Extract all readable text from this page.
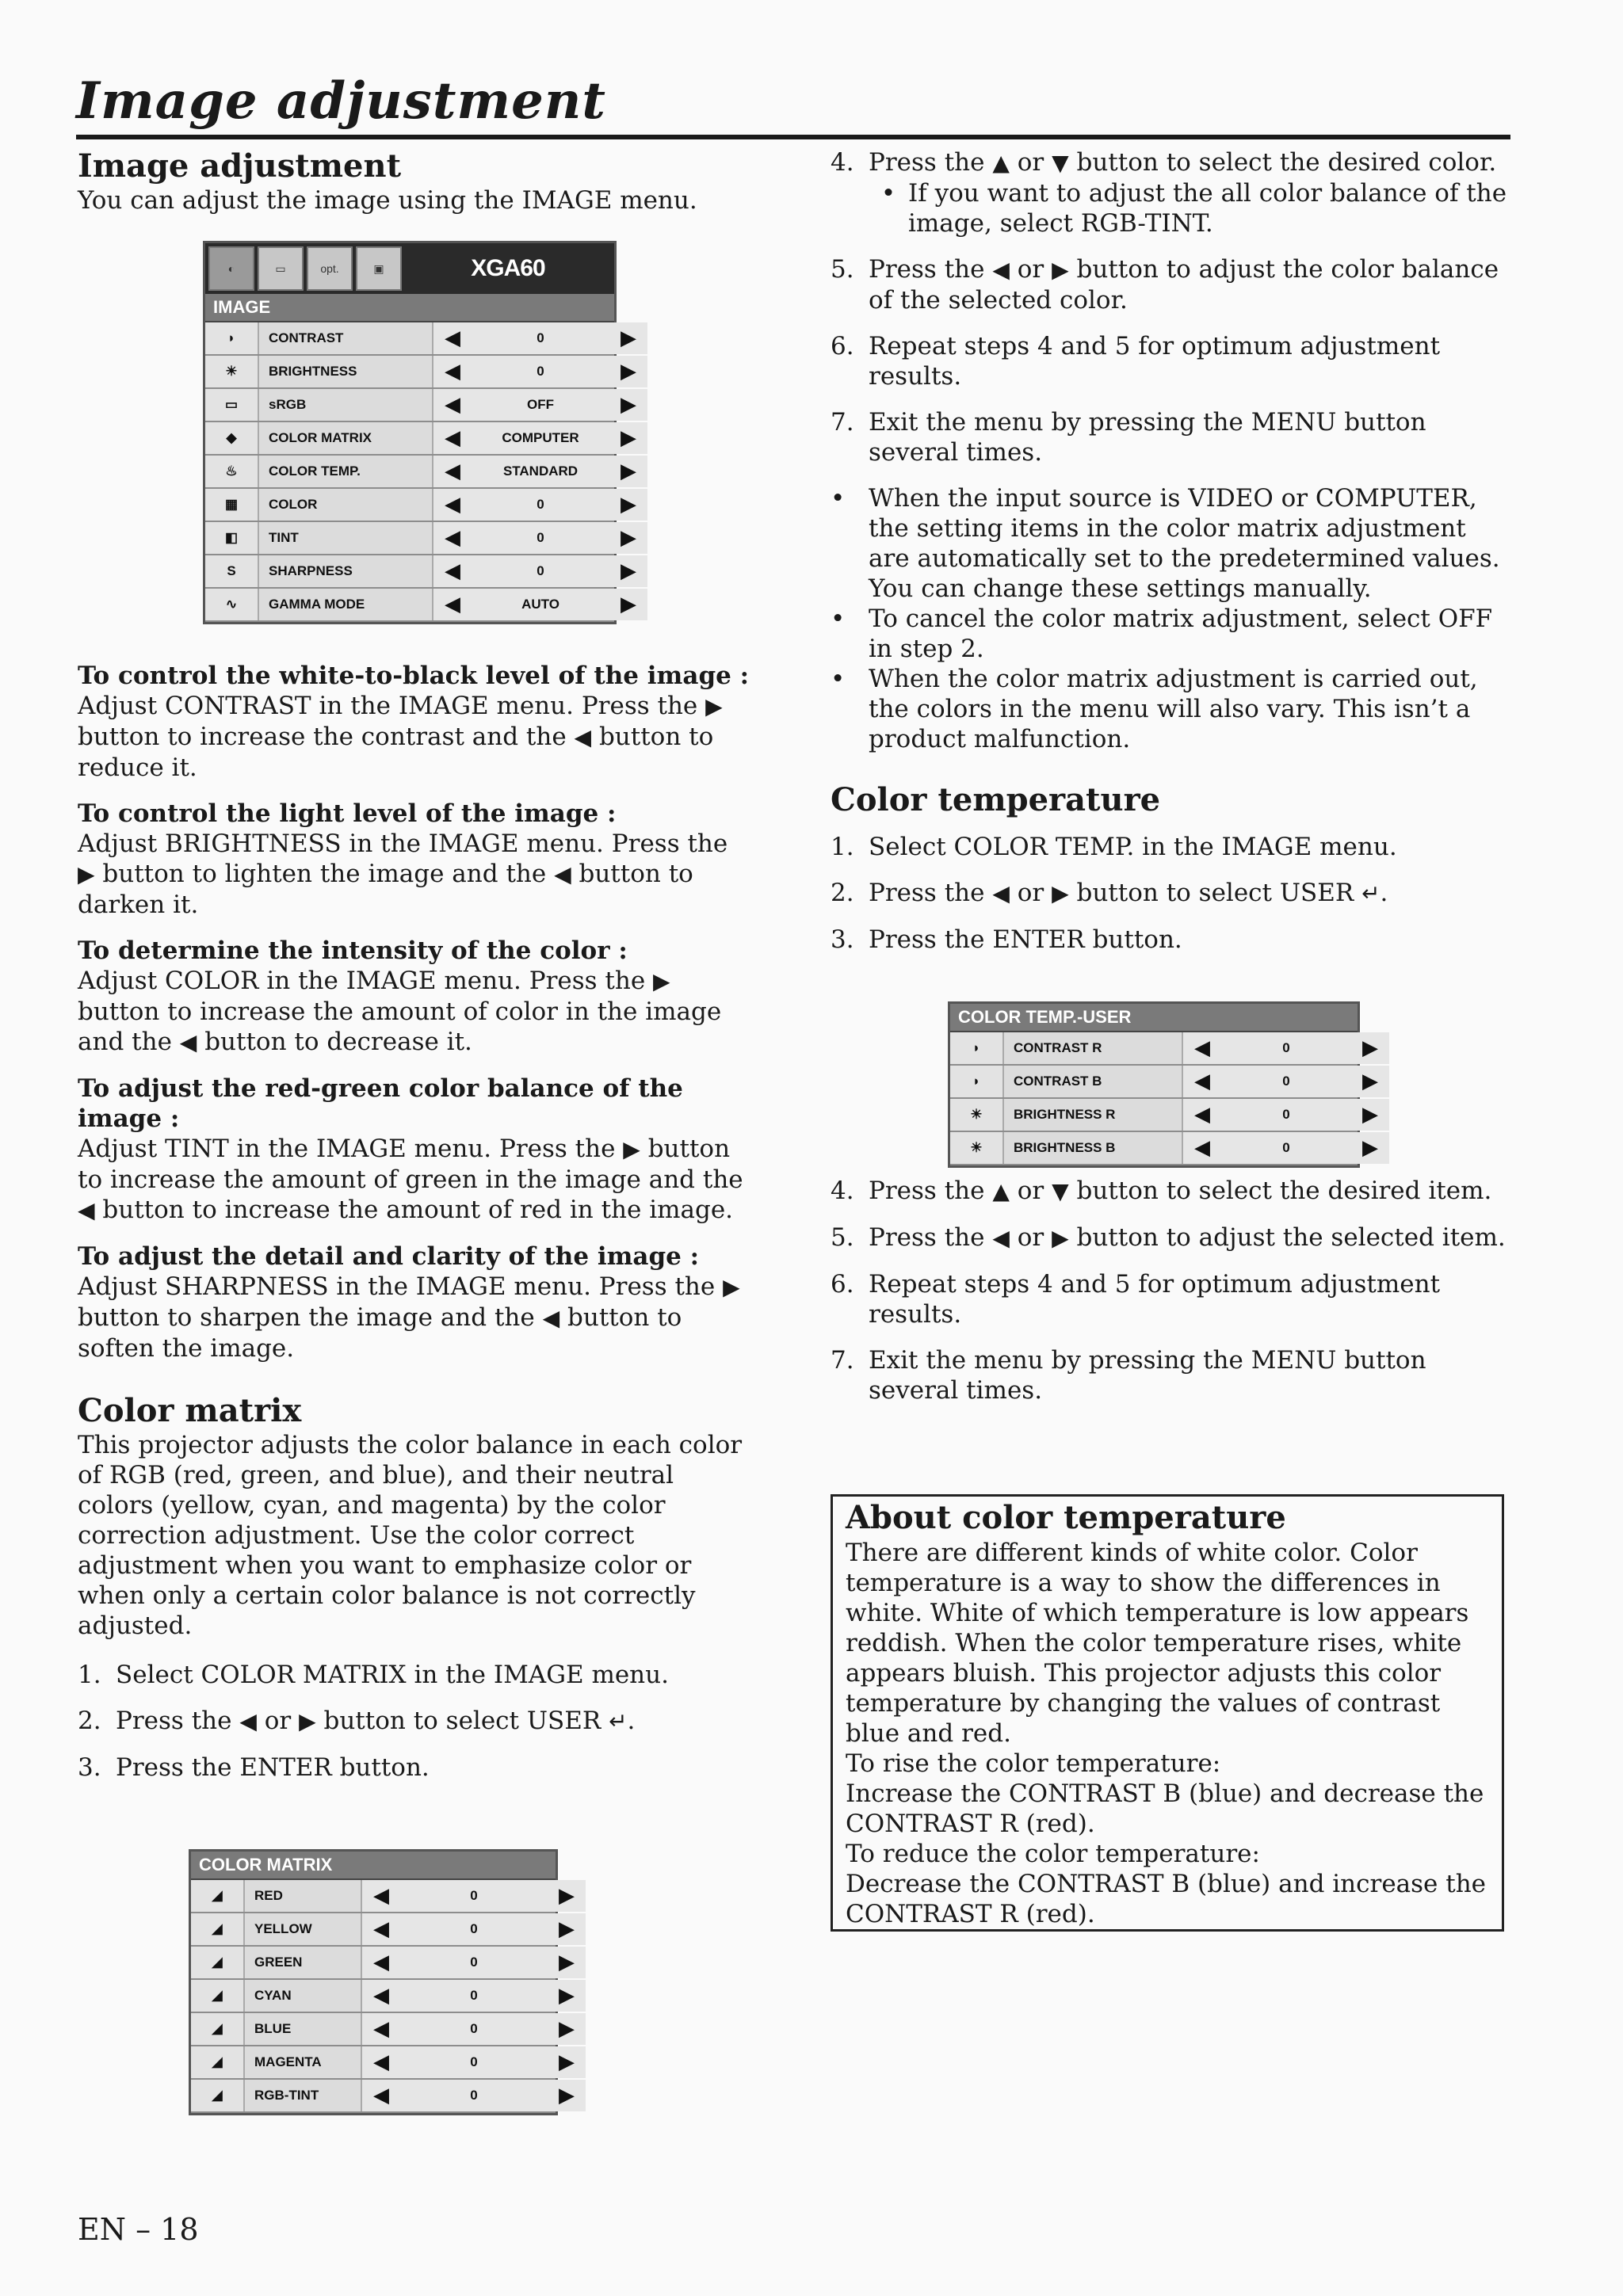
Image adjustment
Image adjustment

You can adjust the image using the IMAGE menu.

◐	▭	opt.	▣	XGA60
IMAGE
◗	CONTRAST	◀	0	▶
☀	BRIGHTNESS	◀	0	▶
▭	sRGB	◀	OFF	▶
◆	COLOR MATRIX	◀	COMPUTER	▶
♨	COLOR TEMP.	◀	STANDARD	▶
▦	COLOR	◀	0	▶
◧	TINT	◀	0	▶
S	SHARPNESS	◀	0	▶
∿	GAMMA MODE	◀	AUTO	▶

To control the white-to-black level of the image :
Adjust CONTRAST in the IMAGE menu. Press the ▶ button to increase the contrast and the ◀ button to reduce it.

To control the light level of the image :
Adjust BRIGHTNESS in the IMAGE menu. Press the ▶ button to lighten the image and the ◀ button to darken it.

To determine the intensity of the color :
Adjust COLOR in the IMAGE menu. Press the ▶ button to increase the amount of color in the image and the ◀ button to decrease it.

To adjust the red-green color balance of the image :
Adjust TINT in the IMAGE menu. Press the ▶ button to increase the amount of green in the image and the ◀ button to increase the amount of red in the image.

To adjust the detail and clarity of the image :
Adjust SHARPNESS in the IMAGE menu. Press the ▶ button to sharpen the image and the ◀ button to soften the image.

Color matrix

This projector adjusts the color balance in each color of RGB (red, green, and blue), and their neutral colors (yellow, cyan, and magenta) by the color correction adjustment. Use the color correct adjustment when you want to emphasize color or when only a certain color balance is not correctly adjusted.

1. Select COLOR MATRIX in the IMAGE menu.
2. Press the ◀ or ▶ button to select USER ↵.
3. Press the ENTER button.
COLOR MATRIX
◢	RED	◀	0	▶
◢	YELLOW	◀	0	▶
◢	GREEN	◀	0	▶
◢	CYAN	◀	0	▶
◢	BLUE	◀	0	▶
◢	MAGENTA	◀	0	▶
◢	RGB-TINT	◀	0	▶
4. Press the ▲ or ▼ button to select the desired color.
• If you want to adjust the all color balance of the image, select RGB-TINT.
5. Press the ◀ or ▶ button to adjust the color balance of the selected color.
6. Repeat steps 4 and 5 for optimum adjustment results.
7. Exit the menu by pressing the MENU button several times.
• When the input source is VIDEO or COMPUTER, the setting items in the color matrix adjustment are automatically set to the predetermined values. You can change these settings manually.
• To cancel the color matrix adjustment, select OFF in step 2.
• When the color matrix adjustment is carried out, the colors in the menu will also vary. This isn’t a product malfunction.
Color temperature
1. Select COLOR TEMP. in the IMAGE menu.
2. Press the ◀ or ▶ button to select USER ↵.
3. Press the ENTER button.
COLOR TEMP.-USER
◗	CONTRAST R	◀	0	▶
◗	CONTRAST B	◀	0	▶
☀	BRIGHTNESS R	◀	0	▶
☀	BRIGHTNESS B	◀	0	▶
4. Press the ▲ or ▼ button to select the desired item.
5. Press the ◀ or ▶ button to adjust the selected item.
6. Repeat steps 4 and 5 for optimum adjustment results.
7. Exit the menu by pressing the MENU button several times.
About color temperature

There are different kinds of white color. Color temperature is a way to show the differences in white. White of which temperature is low appears reddish. When the color temperature rises, white appears bluish. This projector adjusts this color temperature by changing the values of contrast blue and red.

To rise the color temperature:

Increase the CONTRAST B (blue) and decrease the CONTRAST R (red).

To reduce the color temperature:

Decrease the CONTRAST B (blue) and increase the CONTRAST R (red).

EN – 18
